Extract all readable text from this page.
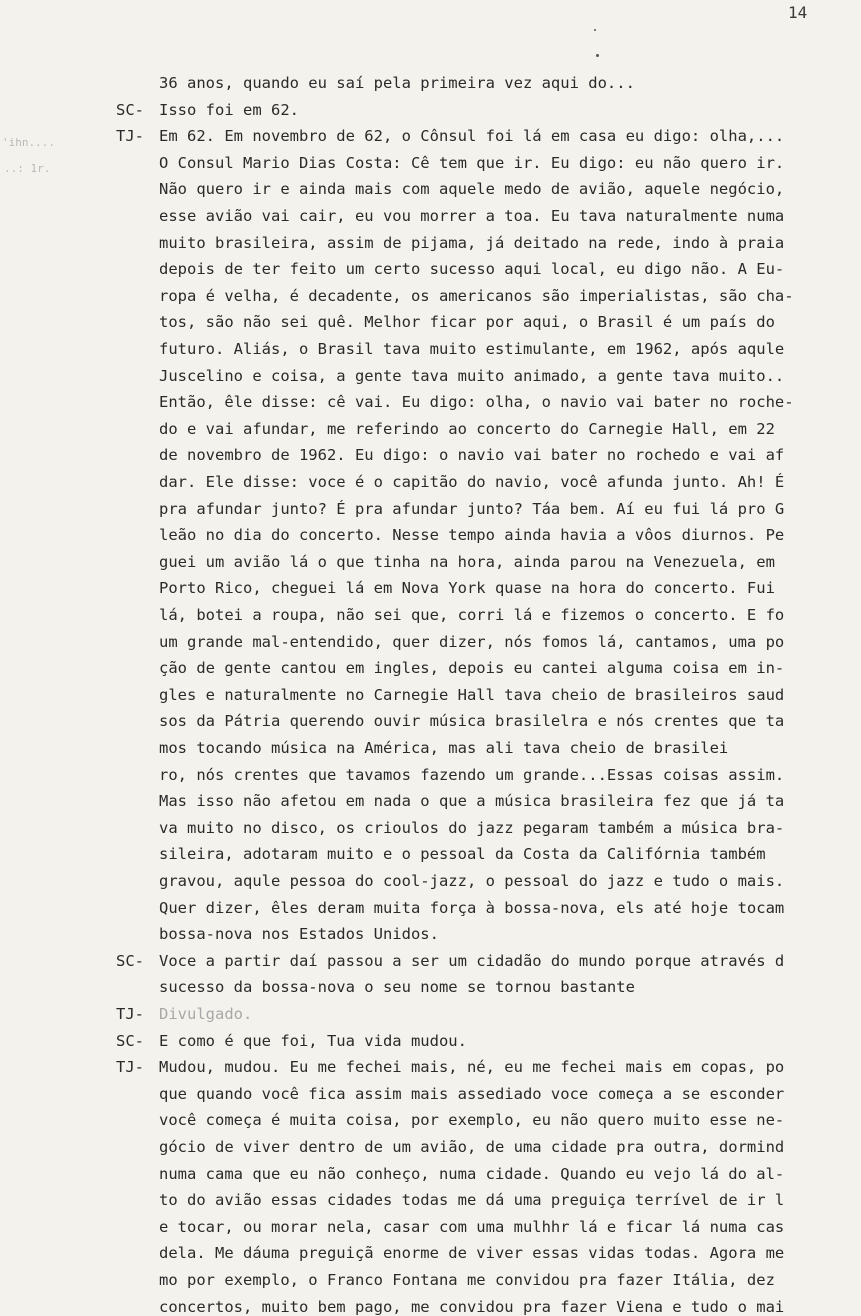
14
'ihn....
..: 1r.
36 anos, quando eu saí pela primeira vez aqui do...
SC- Isso foi em 62.
TJ- Em 62. Em novembro de 62, o Cônsul foi lá em casa eu digo: olha,...
O Consul Mario Dias Costa: Cê tem que ir. Eu digo: eu não quero ir.
Não quero ir e ainda mais com aquele medo de avião, aquele negócio,
esse avião vai cair, eu vou morrer a toa. Eu tava naturalmente numa
muito brasileira, assim de pijama, já deitado na rede, indo à praia
depois de ter feito um certo sucesso aqui local, eu digo não. A Eu-
ropa é velha, é decadente, os americanos são imperialistas, são cha-
tos, são não sei quê. Melhor ficar por aqui, o Brasil é um país do
futuro. Aliás, o Brasil tava muito estimulante, em 1962, após aqule
Juscelino e coisa, a gente tava muito animado, a gente tava muito..
Então, êle disse: cê vai. Eu digo: olha, o navio vai bater no roche-
do e vai afundar, me referindo ao concerto do Carnegie Hall, em 22
de novembro de 1962. Eu digo: o navio vai bater no rochedo e vai af
dar. Ele disse: voce é o capitão do navio, você afunda junto. Ah! É
pra afundar junto? É pra afundar junto? Táa bem. Aí eu fui lá pro G
leão no dia do concerto. Nesse tempo ainda havia a vôos diurnos. Pe
guei um avião lá o que tinha na hora, ainda parou na Venezuela, em
Porto Rico, cheguei lá em Nova York quase na hora do concerto. Fui
lá, botei a roupa, não sei que, corri lá e fizemos o concerto. E fo
um grande mal-entendido, quer dizer, nós fomos lá, cantamos, uma po
ção de gente cantou em ingles, depois eu cantei alguma coisa em in-
gles e naturalmente no Carnegie Hall tava cheio de brasileiros saud
sos da Pátria querendo ouvir música brasilelra e nós crentes que ta
mos tocando música na América, mas ali tava cheio de brasilei
ro, nós crentes que tavamos fazendo um grande...Essas coisas assim.
Mas isso não afetou em nada o que a música brasileira fez que já ta
va muito no disco, os crioulos do jazz pegaram também a música bra-
sileira, adotaram muito e o pessoal da Costa da Califórnia também
gravou, aqule pessoa do cool-jazz, o pessoal do jazz e tudo o mais.
Quer dizer, êles deram muita força à bossa-nova, els até hoje tocam
bossa-nova nos Estados Unidos.
SC- Voce a partir daí passou a ser um cidadão do mundo porque através d
sucesso da bossa-nova o seu nome se tornou bastante
TJ- Divulgado.
SC- E como é que foi, Tua vida mudou.
TJ- Mudou, mudou. Eu me fechei mais, né, eu me fechei mais em copas, po
que quando você fica assim mais assediado voce começa a se esconder
você começa é muita coisa, por exemplo, eu não quero muito esse ne-
gócio de viver dentro de um avião, de uma cidade pra outra, dormind
numa cama que eu não conheço, numa cidade. Quando eu vejo lá do al-
to do avião essas cidades todas me dá uma preguiça terrível de ir l
e tocar, ou morar nela, casar com uma mulhhr lá e ficar lá numa cas
dela. Me dáuma preguiçã enorme de viver essas vidas todas. Agora me
mo por exemplo, o Franco Fontana me convidou pra fazer Itália, dez
concertos, muito bem pago, me convidou pra fazer Viena e tudo o mai
